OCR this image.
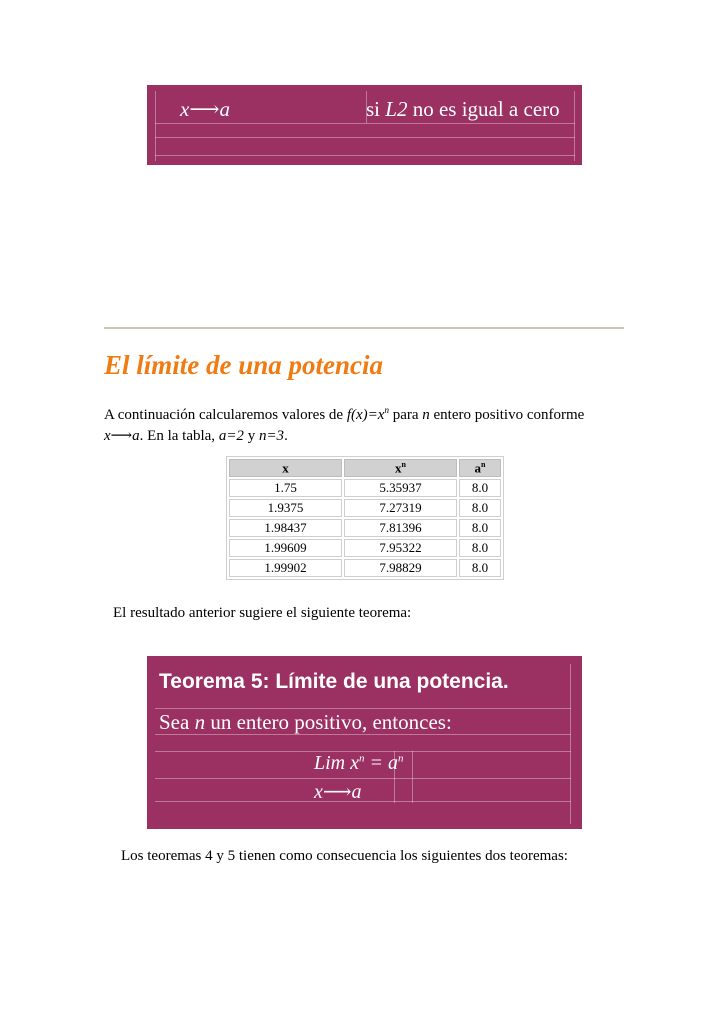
x⟶a	si L2 no es igual a cero
El límite de una potencia
A continuación calcularemos valores de $f(x)=x^n$ para n entero positivo conforme x⟶a. En la tabla, a=2 y n=3.
x	$x^n$	$a^n$
1.75	5.35937	8.0
1.9375	7.27319	8.0
1.98437	7.81396	8.0
1.99609	7.95322	8.0
1.99902	7.98829	8.0
El resultado anterior sugiere el siguiente teorema:
Teorema 5: Límite de una potencia.
Sea n un entero positivo, entonces:
Lim $x^n = a^n$
x⟶a
Los teoremas 4 y 5 tienen como consecuencia los siguientes dos teoremas:
